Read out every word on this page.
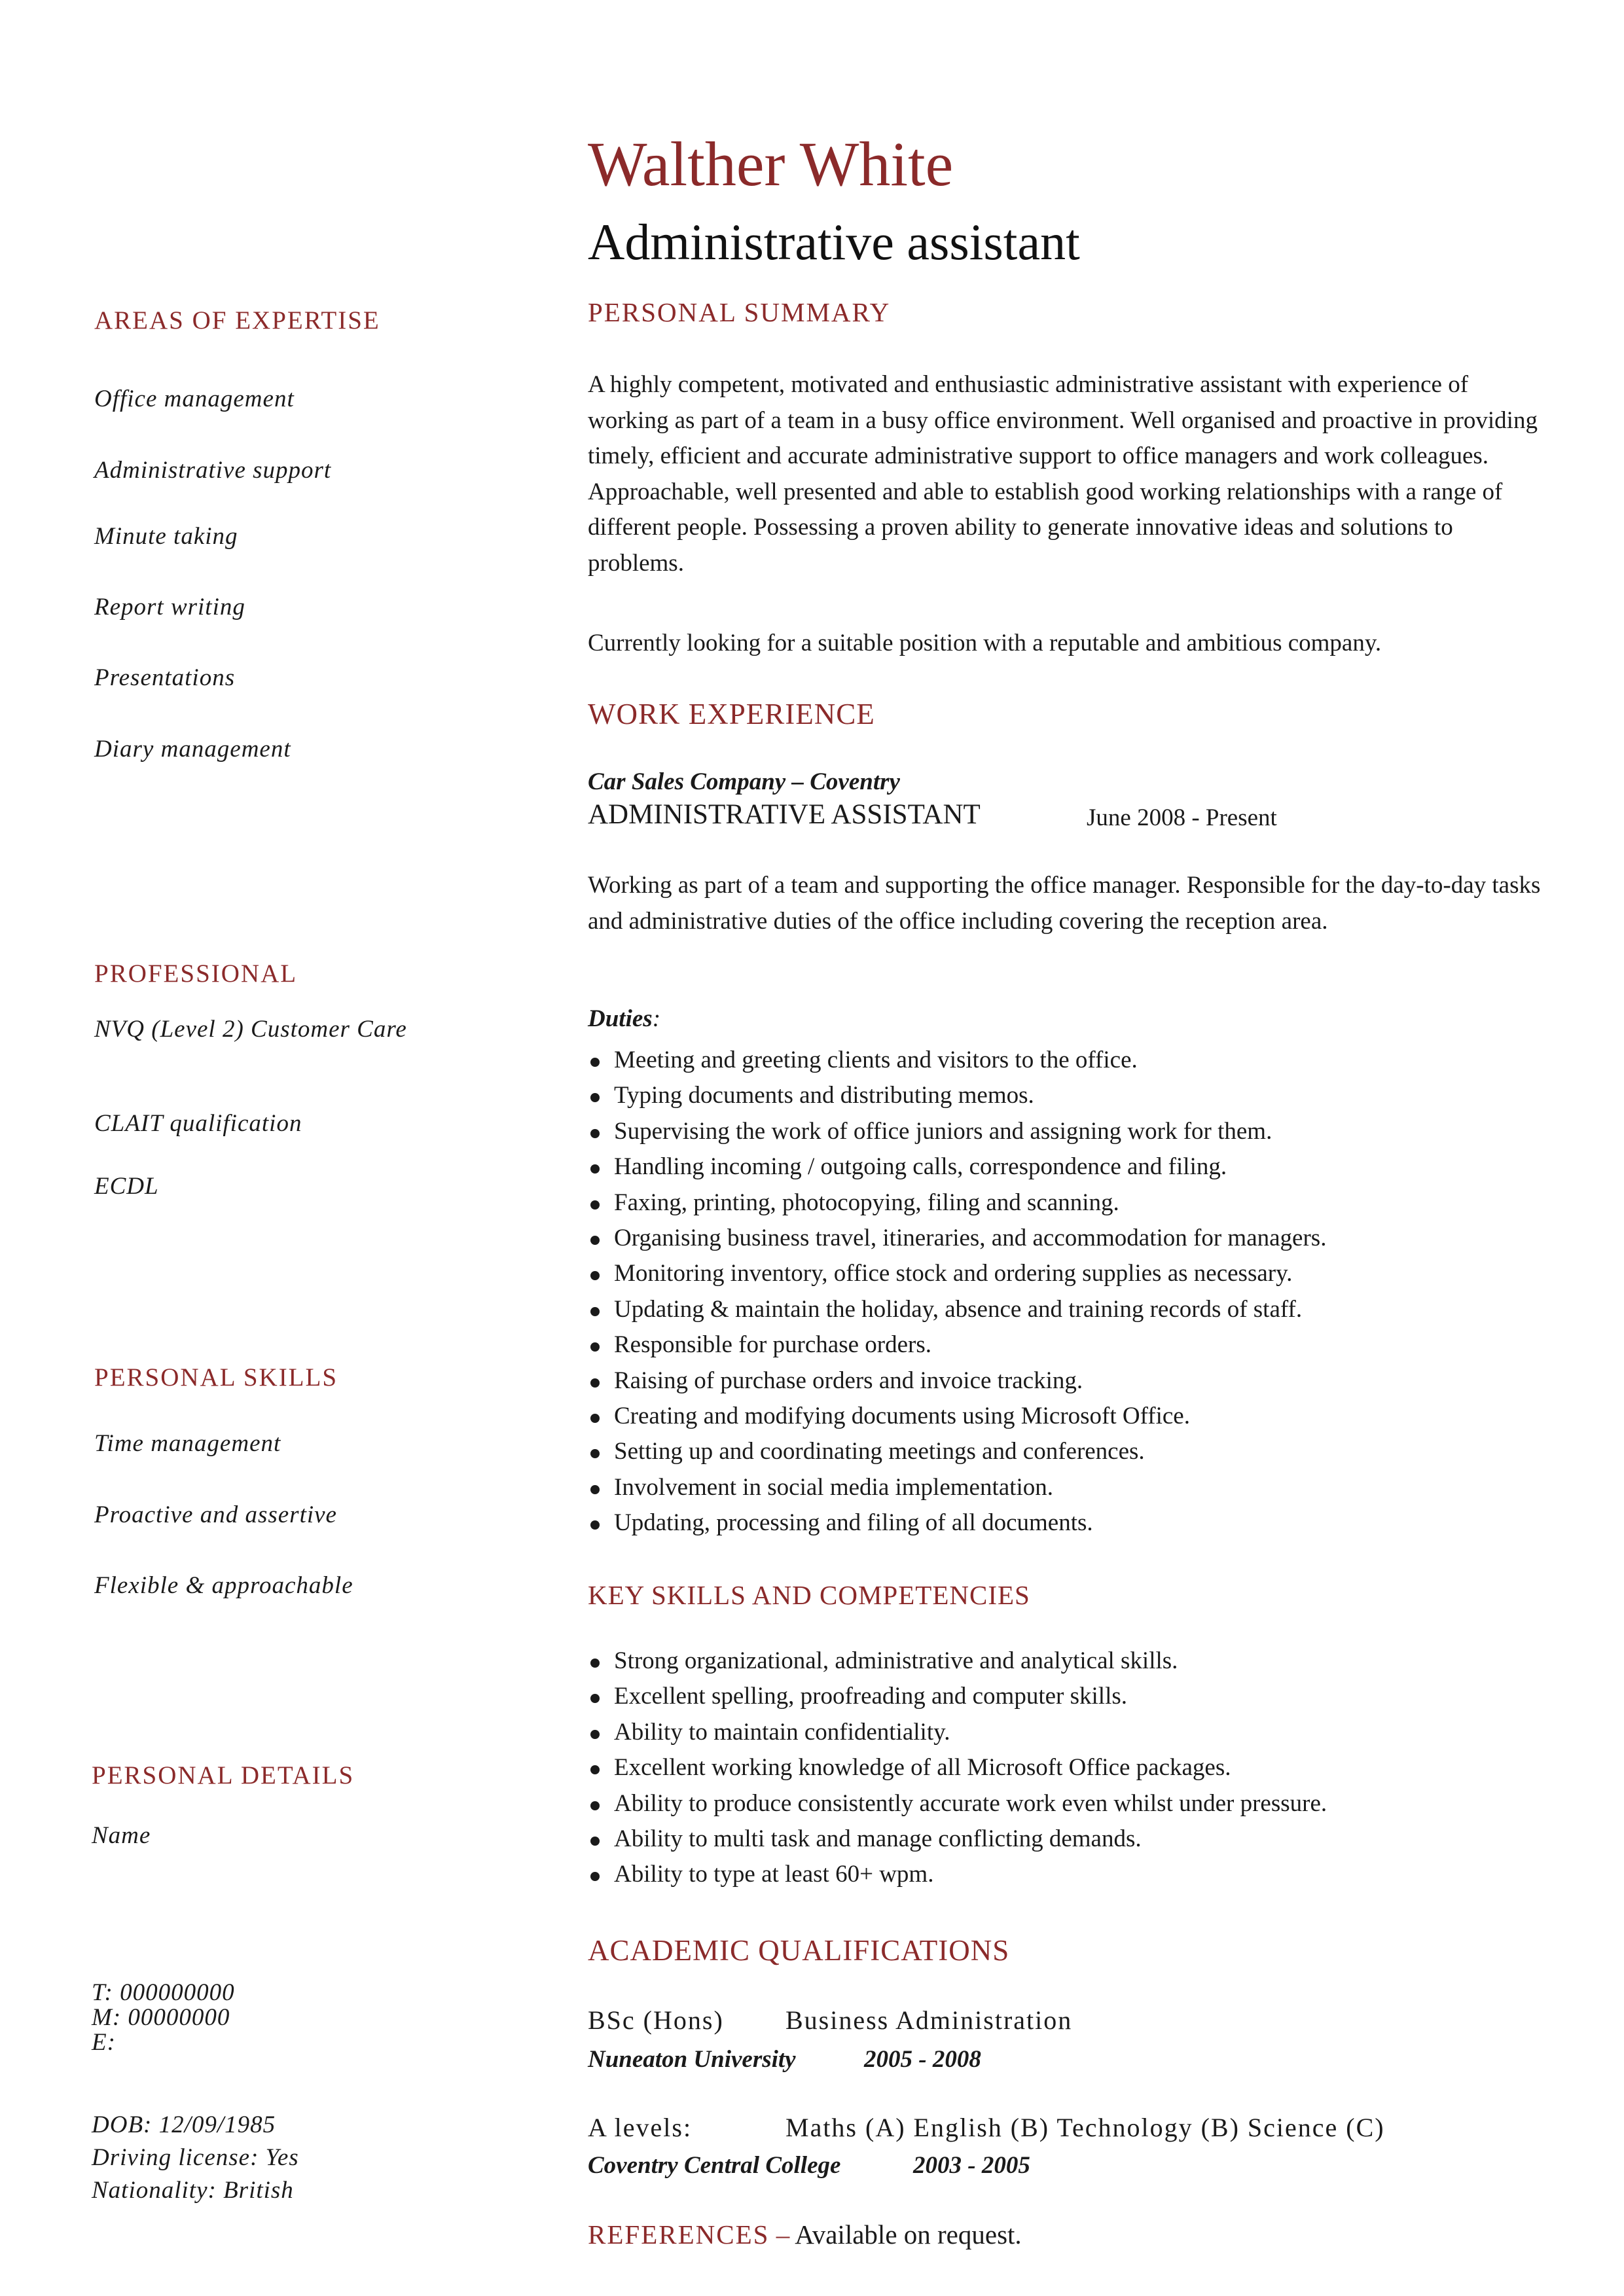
Walther White
Administrative assistant
AREAS OF EXPERTISE
Office management
Administrative support
Minute taking
Report writing
Presentations
Diary management
PROFESSIONAL
NVQ (Level 2) Customer Care
CLAIT qualification
ECDL
PERSONAL SKILLS
Time management
Proactive and assertive
Flexible & approachable
PERSONAL DETAILS
Name
T: 000000000
M: 00000000
E:
DOB: 12/09/1985
Driving license: Yes
Nationality: British
PERSONAL SUMMARY
A highly competent, motivated and enthusiastic administrative assistant with experience of working as part of a team in a busy office environment. Well organised and proactive in providing timely, efficient and accurate administrative support to office managers and work colleagues. Approachable, well presented and able to establish good working relationships with a range of different people. Possessing a proven ability to generate innovative ideas and solutions to problems.
Currently looking for a suitable position with a reputable and ambitious company.
WORK EXPERIENCE
Car Sales Company – Coventry
ADMINISTRATIVE ASSISTANT	June 2008 - Present
Working as part of a team and supporting the office manager. Responsible for the day-to-day tasks and administrative duties of the office including covering the reception area.
Duties:
Meeting and greeting clients and visitors to the office.
Typing documents and distributing memos.
Supervising the work of office juniors and assigning work for them.
Handling incoming / outgoing calls, correspondence and filing.
Faxing, printing, photocopying, filing and scanning.
Organising business travel, itineraries, and accommodation for managers.
Monitoring inventory, office stock and ordering supplies as necessary.
Updating & maintain the holiday, absence and training records of staff.
Responsible for purchase orders.
Raising of purchase orders and invoice tracking.
Creating and modifying documents using Microsoft Office.
Setting up and coordinating meetings and conferences.
Involvement in social media implementation.
Updating, processing and filing of all documents.
KEY SKILLS AND COMPETENCIES
Strong organizational, administrative and analytical skills.
Excellent spelling, proofreading and computer skills.
Ability to maintain confidentiality.
Excellent working knowledge of all Microsoft Office packages.
Ability to produce consistently accurate work even whilst under pressure.
Ability to multi task and manage conflicting demands.
Ability to type at least 60+ wpm.
ACADEMIC QUALIFICATIONS
BSc (Hons) Business Administration
Nuneaton University	2005 - 2008
A levels:	Maths (A) English (B) Technology (B) Science (C)
Coventry Central College	2003 - 2005
REFERENCES – Available on request.
